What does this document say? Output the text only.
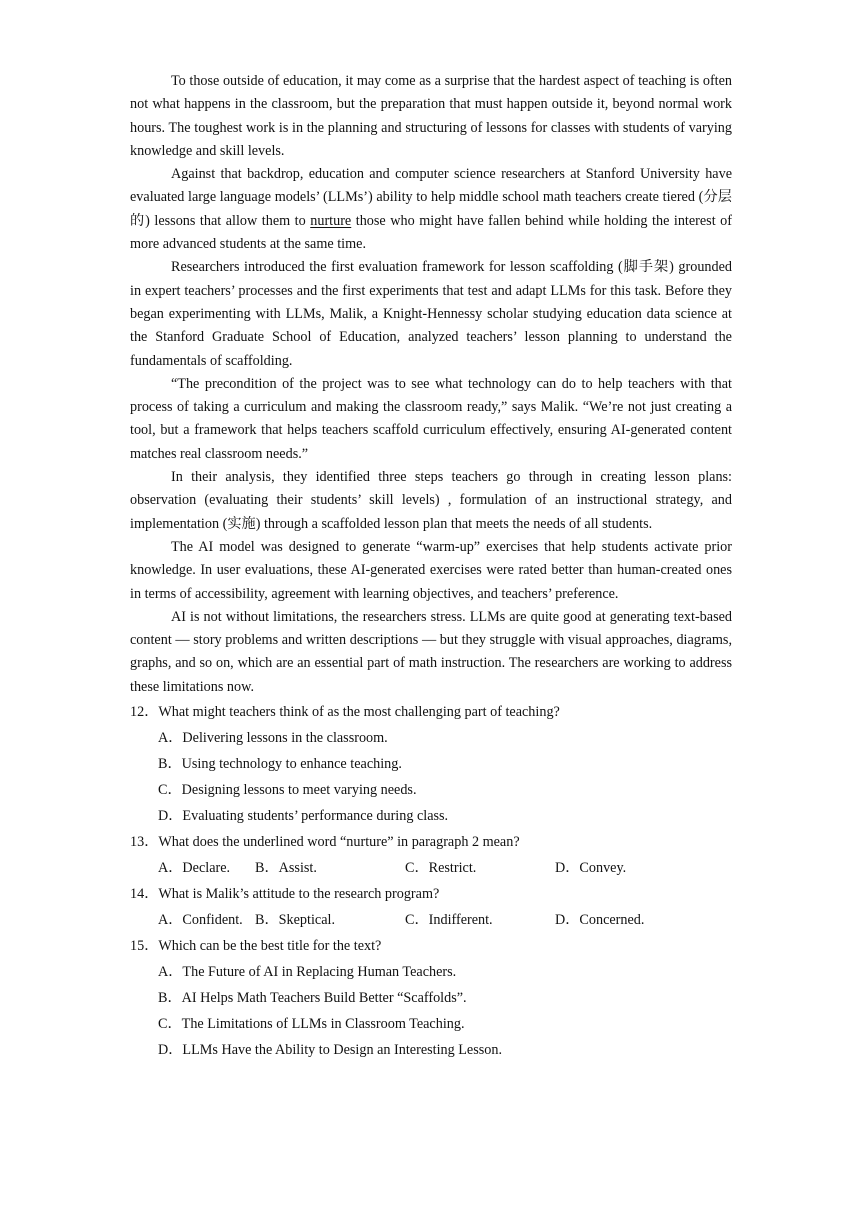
To those outside of education, it may come as a surprise that the hardest aspect of teaching is often not what happens in the classroom, but the preparation that must happen outside it, beyond normal work hours. The toughest work is in the planning and structuring of lessons for classes with students of varying knowledge and skill levels.

Against that backdrop, education and computer science researchers at Stanford University have evaluated large language models’ (LLMs’) ability to help middle school math teachers create tiered (分层的) lessons that allow them to nurture those who might have fallen behind while holding the interest of more advanced students at the same time.

Researchers introduced the first evaluation framework for lesson scaffolding (脚手架) grounded in expert teachers’ processes and the first experiments that test and adapt LLMs for this task. Before they began experimenting with LLMs, Malik, a Knight-Hennessy scholar studying education data science at the Stanford Graduate School of Education, analyzed teachers’ lesson planning to understand the fundamentals of scaffolding.

“The precondition of the project was to see what technology can do to help teachers with that process of taking a curriculum and making the classroom ready,” says Malik. “We’re not just creating a tool, but a framework that helps teachers scaffold curriculum effectively, ensuring AI-generated content matches real classroom needs.”

In their analysis, they identified three steps teachers go through in creating lesson plans: observation (evaluating their students’ skill levels) , formulation of an instructional strategy, and implementation (实施) through a scaffolded lesson plan that meets the needs of all students.

The AI model was designed to generate “warm-up” exercises that help students activate prior knowledge. In user evaluations, these AI-generated exercises were rated better than human-created ones in terms of accessibility, agreement with learning objectives, and teachers’ preference.

AI is not without limitations, the researchers stress. LLMs are quite good at generating text-based content — story problems and written descriptions — but they struggle with visual approaches, diagrams, graphs, and so on, which are an essential part of math instruction. The researchers are working to address these limitations now.

12．What might teachers think of as the most challenging part of teaching?
A．Delivering lessons in the classroom.
B．Using technology to enhance teaching.
C．Designing lessons to meet varying needs.
D．Evaluating students’ performance during class.
13．What does the underlined word “nurture” in paragraph 2 mean?
A．Declare.	B．Assist.	C．Restrict.	D．Convey.
14．What is Malik’s attitude to the research program?
A．Confident. B．Skeptical.	C．Indifferent.	D．Concerned.
15．Which can be the best title for the text?
A．The Future of AI in Replacing Human Teachers.
B．AI Helps Math Teachers Build Better “Scaffolds”.
C．The Limitations of LLMs in Classroom Teaching.
D．LLMs Have the Ability to Design an Interesting Lesson.
